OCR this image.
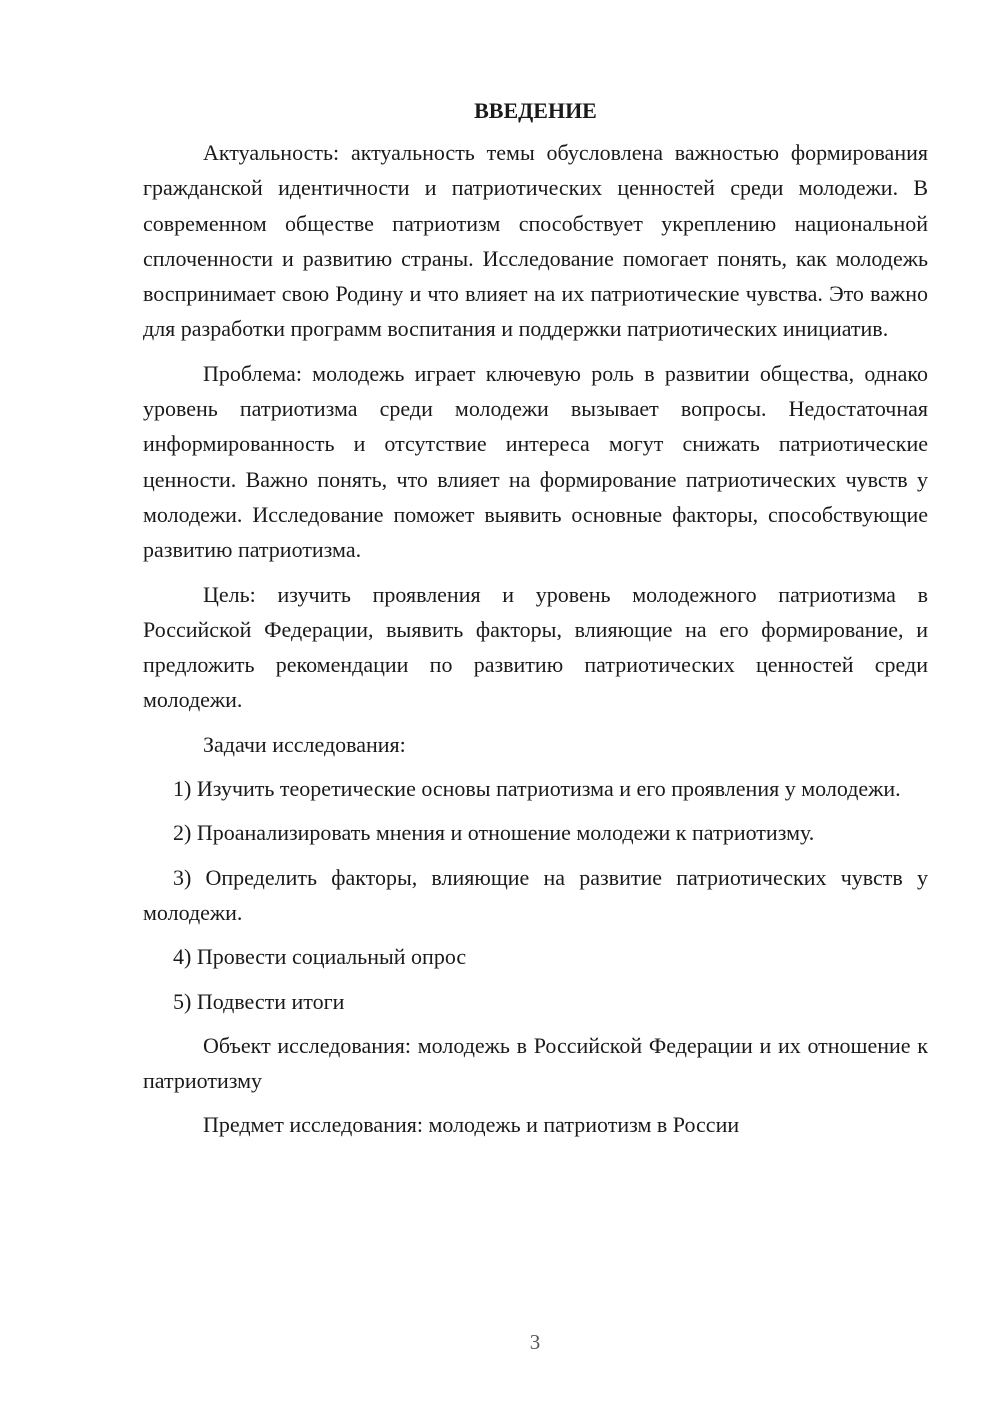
ВВЕДЕНИЕ

Актуальность: актуальность темы обусловлена важностью формирования гражданской идентичности и патриотических ценностей среди молодежи. В современном обществе патриотизм способствует укреплению национальной сплоченности и развитию страны. Исследование помогает понять, как молодежь воспринимает свою Родину и что влияет на их патриотические чувства. Это важно для разработки программ воспитания и поддержки патриотических инициатив.

Проблема: молодежь играет ключевую роль в развитии общества, однако уровень патриотизма среди молодежи вызывает вопросы. Недостаточная информированность и отсутствие интереса могут снижать патриотические ценности. Важно понять, что влияет на формирование патриотических чувств у молодежи. Исследование поможет выявить основные факторы, способствующие развитию патриотизма.

Цель: изучить проявления и уровень молодежного патриотизма в Российской Федерации, выявить факторы, влияющие на его формирование, и предложить рекомендации по развитию патриотических ценностей среди молодежи.

Задачи исследования:

1) Изучить теоретические основы патриотизма и его проявления у молодежи.

2) Проанализировать мнения и отношение молодежи к патриотизму.

3) Определить факторы, влияющие на развитие патриотических чувств у молодежи.

4) Провести социальный опрос

5) Подвести итоги

Объект исследования: молодежь в Российской Федерации и их отношение к патриотизму

Предмет исследования: молодежь и патриотизм в России

3
